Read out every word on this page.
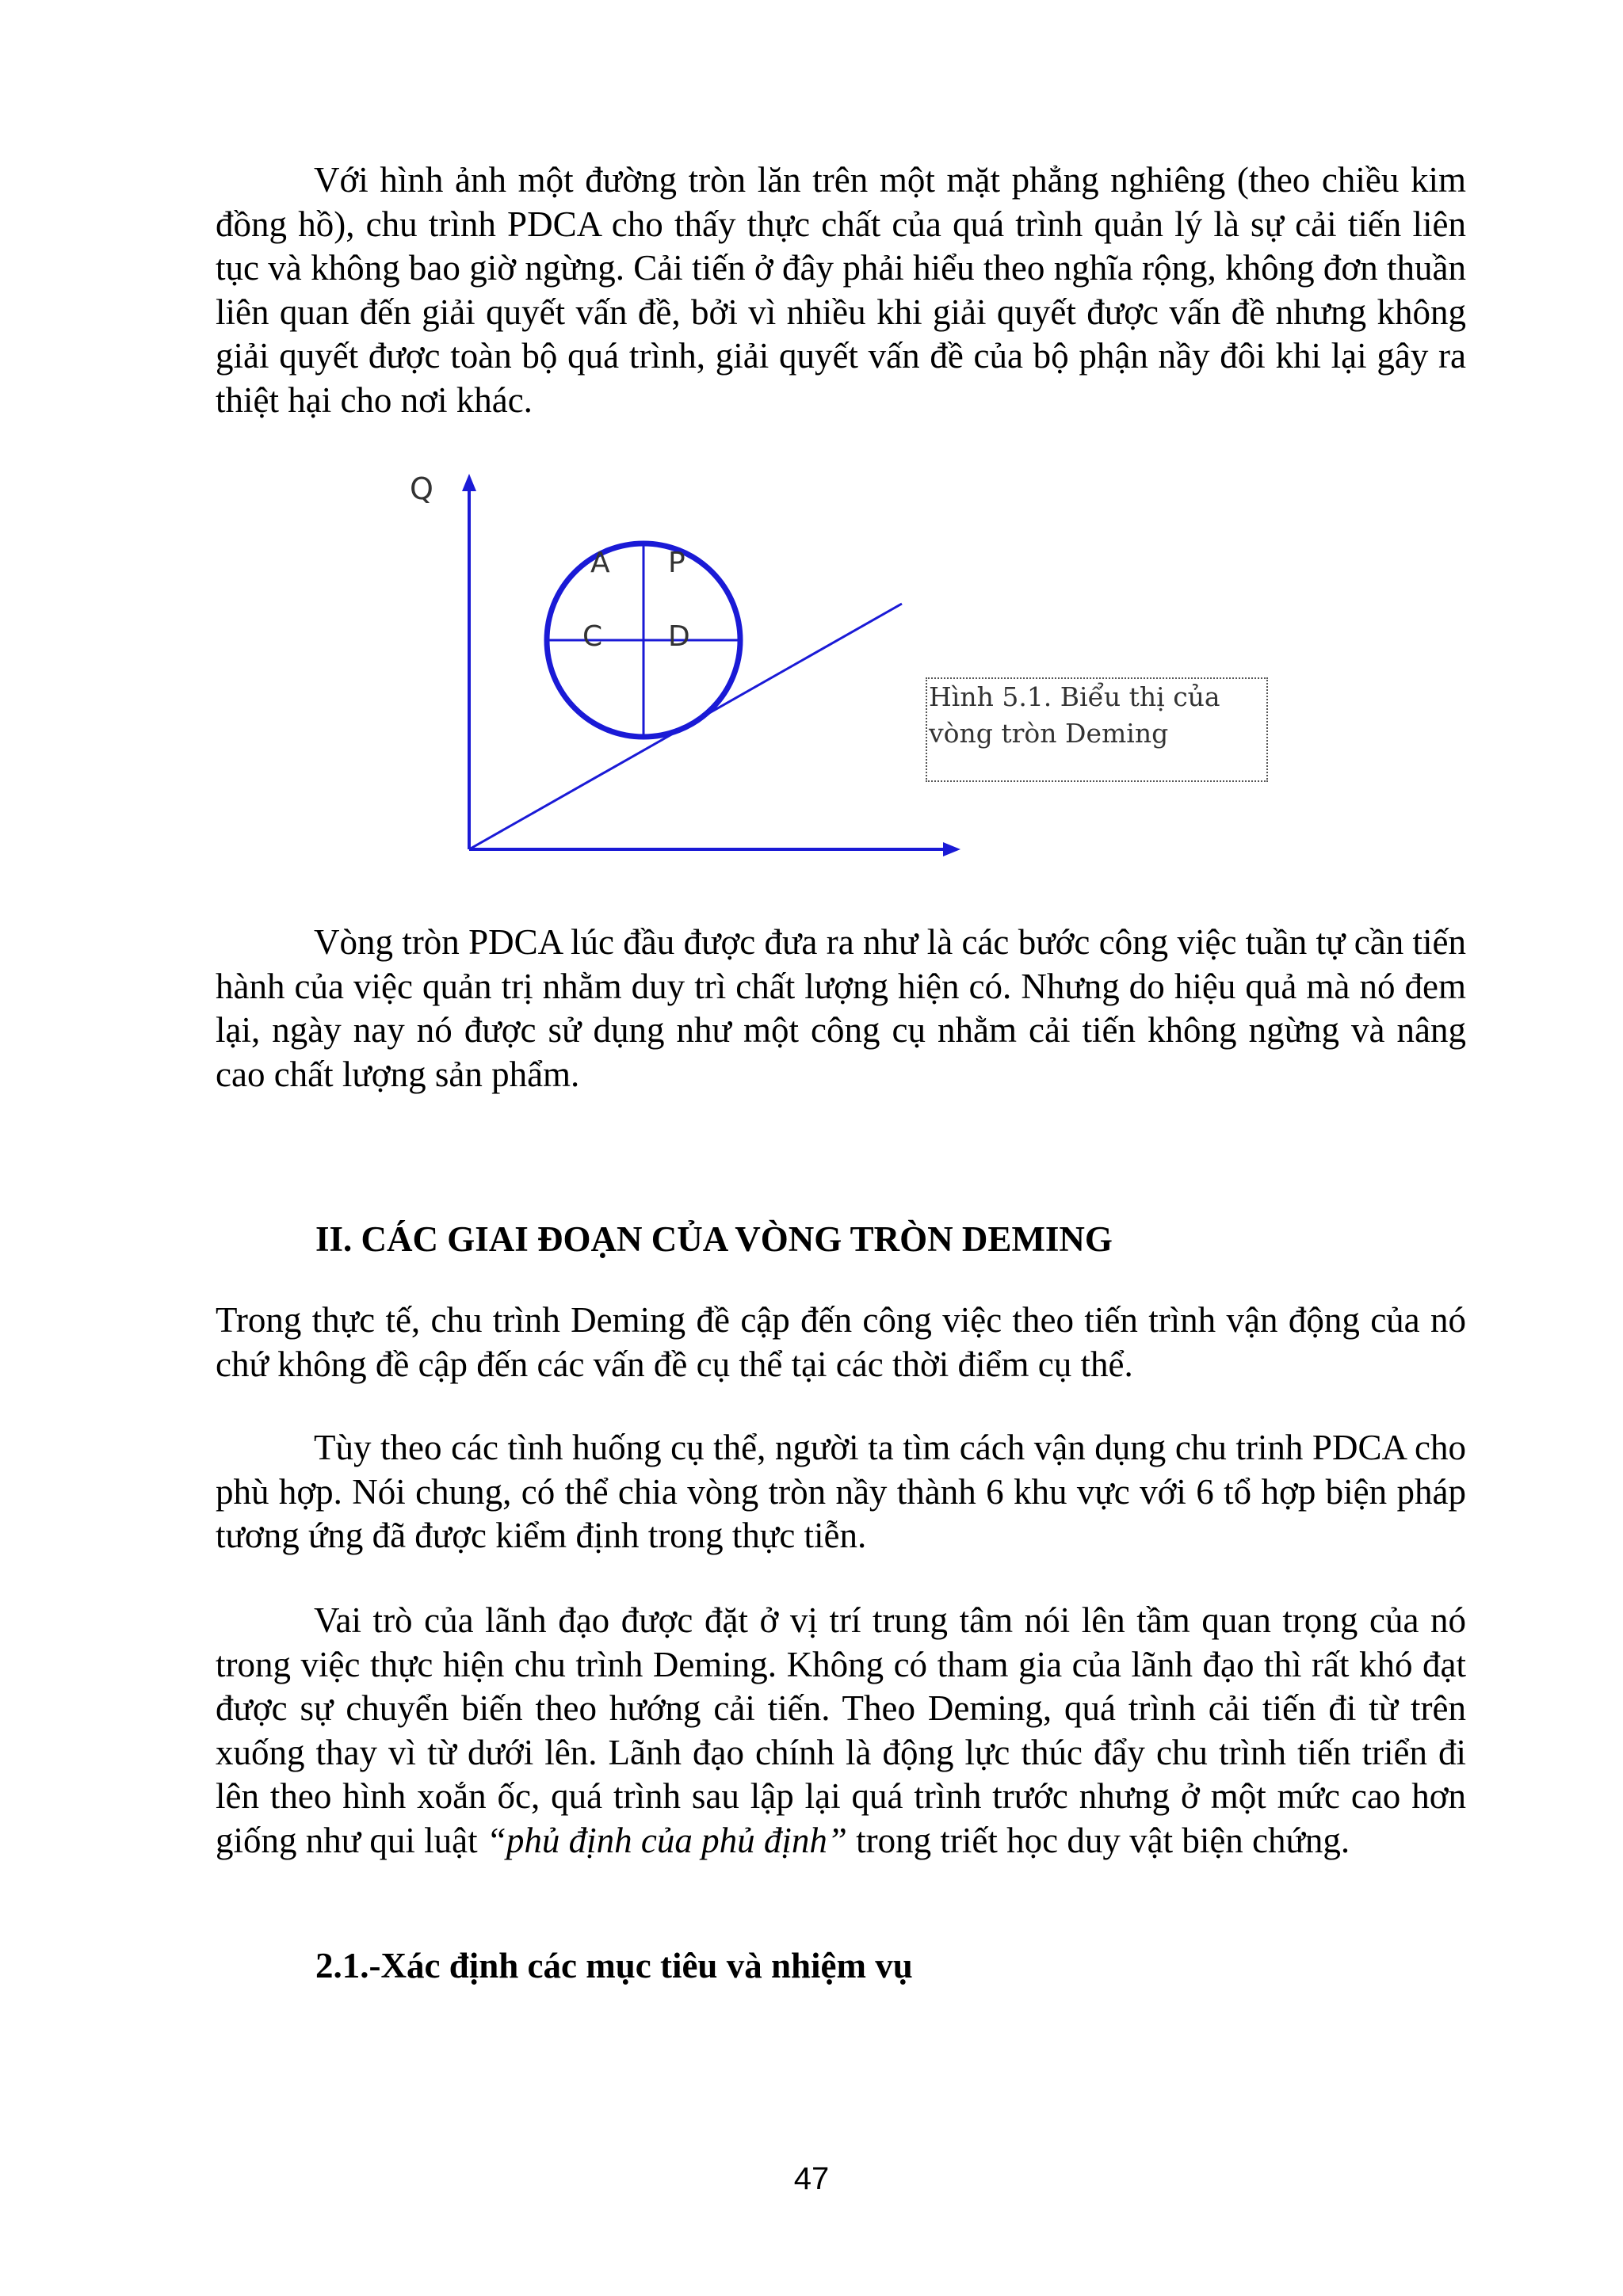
Với hình ảnh một đường tròn lăn trên một mặt phẳng nghiêng (theo chiều kim đồng hồ), chu trình PDCA cho thấy thực chất của quá trình quản lý là sự cải tiến liên tục và không bao giờ ngừng. Cải tiến ở đây phải hiểu theo nghĩa rộng, không đơn thuần liên quan đến giải quyết vấn đề, bởi vì nhiều khi giải quyết được vấn đề nhưng không giải quyết được toàn bộ quá trình, giải quyết vấn đề của bộ phận nầy đôi khi lại gây ra thiệt hại cho nơi khác.

Q
A P
C D
Hình 5.1. Biểu thị của
vòng tròn Deming

Vòng tròn PDCA lúc đầu được đưa ra như là các bước công việc tuần tự cần tiến hành của việc quản trị nhằm duy trì chất lượng hiện có. Nhưng do hiệu quả mà nó đem lại, ngày nay nó được sử dụng như một công cụ nhằm cải tiến không ngừng và nâng cao chất lượng sản phẩm.

II. CÁC GIAI ĐOẠN CỦA VÒNG TRÒN DEMING

Trong thực tế, chu trình Deming đề cập đến công việc theo tiến trình vận động của nó chứ không đề cập đến các vấn đề cụ thể tại các thời điểm cụ thể.

Tùy theo các tình huống cụ thể, người ta tìm cách vận dụng chu trinh PDCA cho phù hợp. Nói chung, có thể chia vòng tròn nầy thành 6 khu vực với 6 tổ hợp biện pháp tương ứng đã được kiểm định trong thực tiễn.

Vai trò của lãnh đạo được đặt ở vị trí trung tâm nói lên tầm quan trọng của nó trong việc thực hiện chu trình Deming. Không có tham gia của lãnh đạo thì rất khó đạt được sự chuyển biến theo hướng cải tiến. Theo Deming, quá trình cải tiến đi từ trên xuống thay vì từ dưới lên. Lãnh đạo chính là động lực thúc đẩy chu trình tiến triển đi lên theo hình xoắn ốc, quá trình sau lập lại quá trình trước nhưng ở một mức cao hơn giống như qui luật “phủ định của phủ định” trong triết học duy vật biện chứng.

2.1.-Xác định các mục tiêu và nhiệm vụ

47
